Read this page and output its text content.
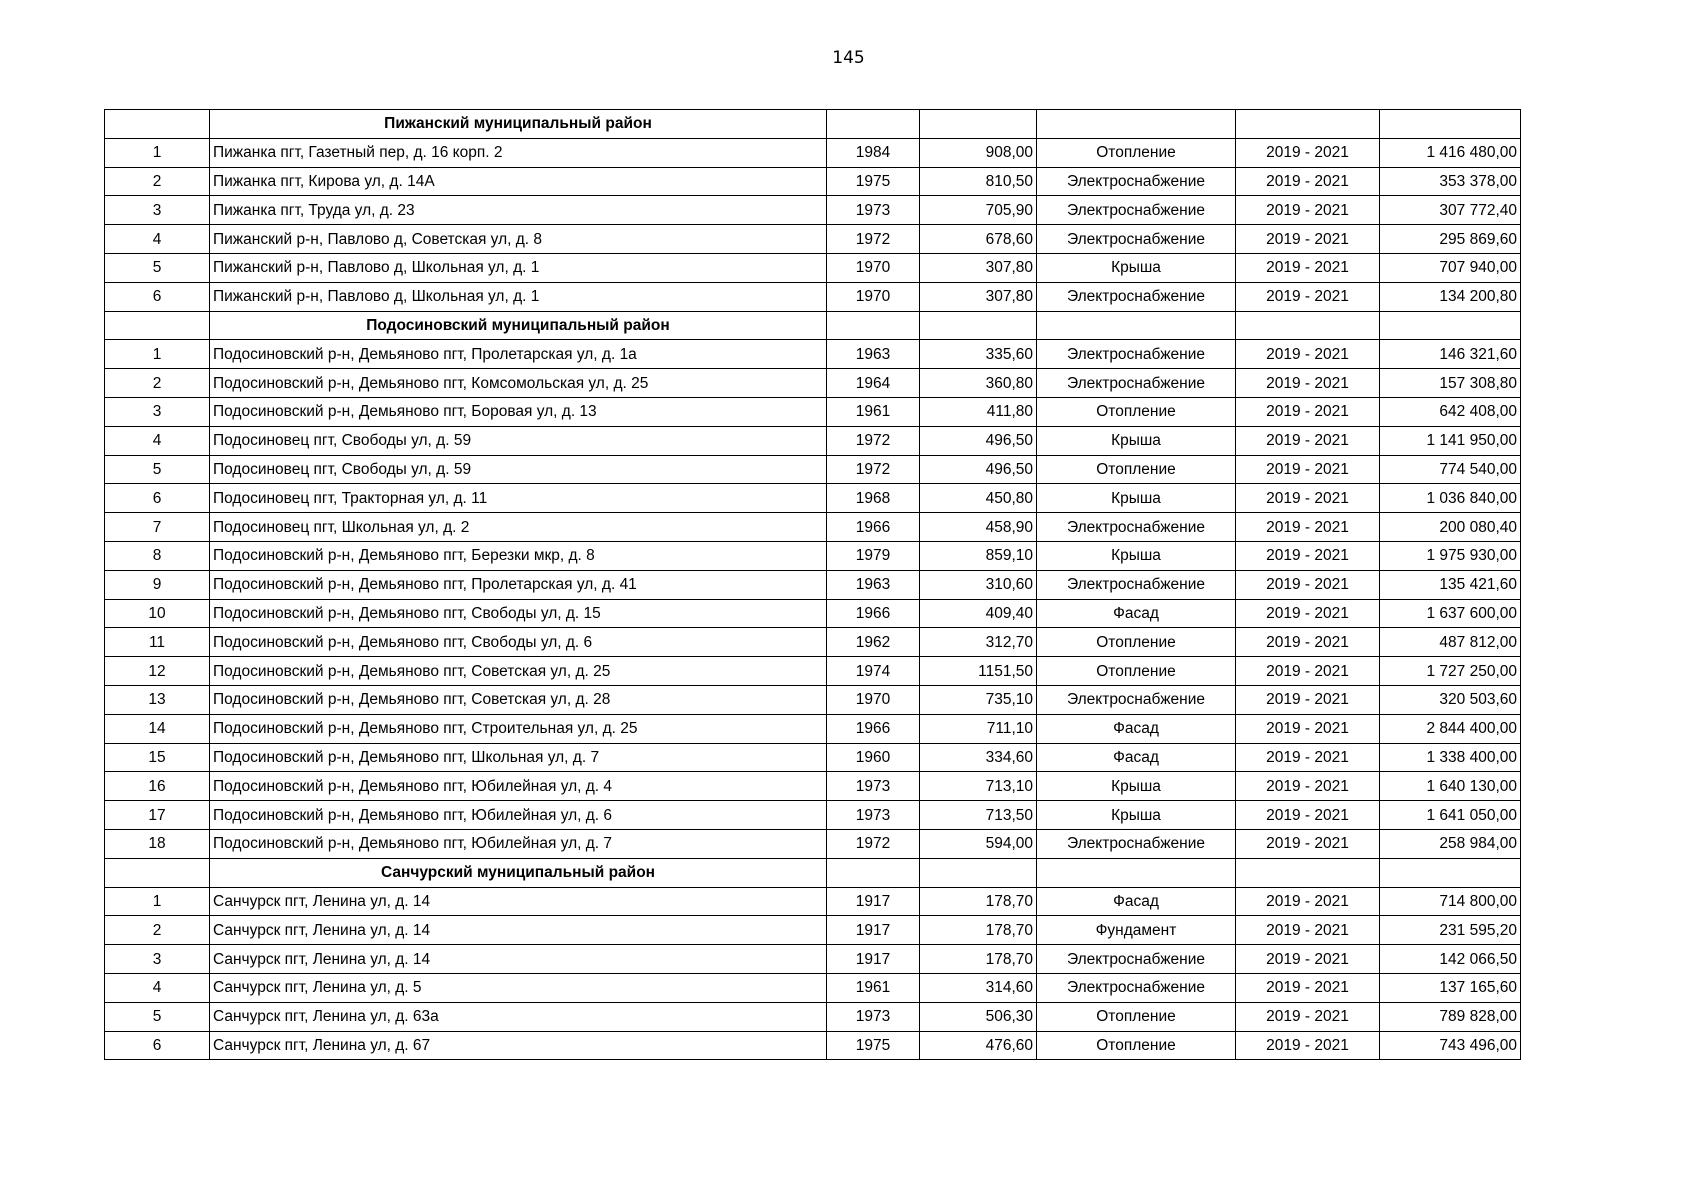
145
	Пижанский муниципальный район					
1	Пижанка пгт, Газетный пер, д. 16 корп. 2	1984	908,00	Отопление	2019 - 2021	1 416 480,00
2	Пижанка пгт, Кирова ул, д. 14А	1975	810,50	Электроснабжение	2019 - 2021	353 378,00
3	Пижанка пгт, Труда ул, д. 23	1973	705,90	Электроснабжение	2019 - 2021	307 772,40
4	Пижанский р-н, Павлово д, Советская ул, д. 8	1972	678,60	Электроснабжение	2019 - 2021	295 869,60
5	Пижанский р-н, Павлово д, Школьная ул, д. 1	1970	307,80	Крыша	2019 - 2021	707 940,00
6	Пижанский р-н, Павлово д, Школьная ул, д. 1	1970	307,80	Электроснабжение	2019 - 2021	134 200,80
	Подосиновский муниципальный район					
1	Подосиновский р-н, Демьяново пгт, Пролетарская ул, д. 1а	1963	335,60	Электроснабжение	2019 - 2021	146 321,60
2	Подосиновский р-н, Демьяново пгт, Комсомольская ул, д. 25	1964	360,80	Электроснабжение	2019 - 2021	157 308,80
3	Подосиновский р-н, Демьяново пгт, Боровая ул, д. 13	1961	411,80	Отопление	2019 - 2021	642 408,00
4	Подосиновец пгт, Свободы ул, д. 59	1972	496,50	Крыша	2019 - 2021	1 141 950,00
5	Подосиновец пгт, Свободы ул, д. 59	1972	496,50	Отопление	2019 - 2021	774 540,00
6	Подосиновец пгт, Тракторная ул, д. 11	1968	450,80	Крыша	2019 - 2021	1 036 840,00
7	Подосиновец пгт, Школьная ул, д. 2	1966	458,90	Электроснабжение	2019 - 2021	200 080,40
8	Подосиновский р-н, Демьяново пгт, Березки мкр, д. 8	1979	859,10	Крыша	2019 - 2021	1 975 930,00
9	Подосиновский р-н, Демьяново пгт, Пролетарская ул, д. 41	1963	310,60	Электроснабжение	2019 - 2021	135 421,60
10	Подосиновский р-н, Демьяново пгт, Свободы ул, д. 15	1966	409,40	Фасад	2019 - 2021	1 637 600,00
11	Подосиновский р-н, Демьяново пгт, Свободы ул, д. 6	1962	312,70	Отопление	2019 - 2021	487 812,00
12	Подосиновский р-н, Демьяново пгт, Советская ул, д. 25	1974	1151,50	Отопление	2019 - 2021	1 727 250,00
13	Подосиновский р-н, Демьяново пгт, Советская ул, д. 28	1970	735,10	Электроснабжение	2019 - 2021	320 503,60
14	Подосиновский р-н, Демьяново пгт, Строительная ул, д. 25	1966	711,10	Фасад	2019 - 2021	2 844 400,00
15	Подосиновский р-н, Демьяново пгт, Школьная ул, д. 7	1960	334,60	Фасад	2019 - 2021	1 338 400,00
16	Подосиновский р-н, Демьяново пгт, Юбилейная ул, д. 4	1973	713,10	Крыша	2019 - 2021	1 640 130,00
17	Подосиновский р-н, Демьяново пгт, Юбилейная ул, д. 6	1973	713,50	Крыша	2019 - 2021	1 641 050,00
18	Подосиновский р-н, Демьяново пгт, Юбилейная ул, д. 7	1972	594,00	Электроснабжение	2019 - 2021	258 984,00
	Санчурский муниципальный район					
1	Санчурск пгт, Ленина ул, д. 14	1917	178,70	Фасад	2019 - 2021	714 800,00
2	Санчурск пгт, Ленина ул, д. 14	1917	178,70	Фундамент	2019 - 2021	231 595,20
3	Санчурск пгт, Ленина ул, д. 14	1917	178,70	Электроснабжение	2019 - 2021	142 066,50
4	Санчурск пгт, Ленина ул, д. 5	1961	314,60	Электроснабжение	2019 - 2021	137 165,60
5	Санчурск пгт, Ленина ул, д. 63а	1973	506,30	Отопление	2019 - 2021	789 828,00
6	Санчурск пгт, Ленина ул, д. 67	1975	476,60	Отопление	2019 - 2021	743 496,00
